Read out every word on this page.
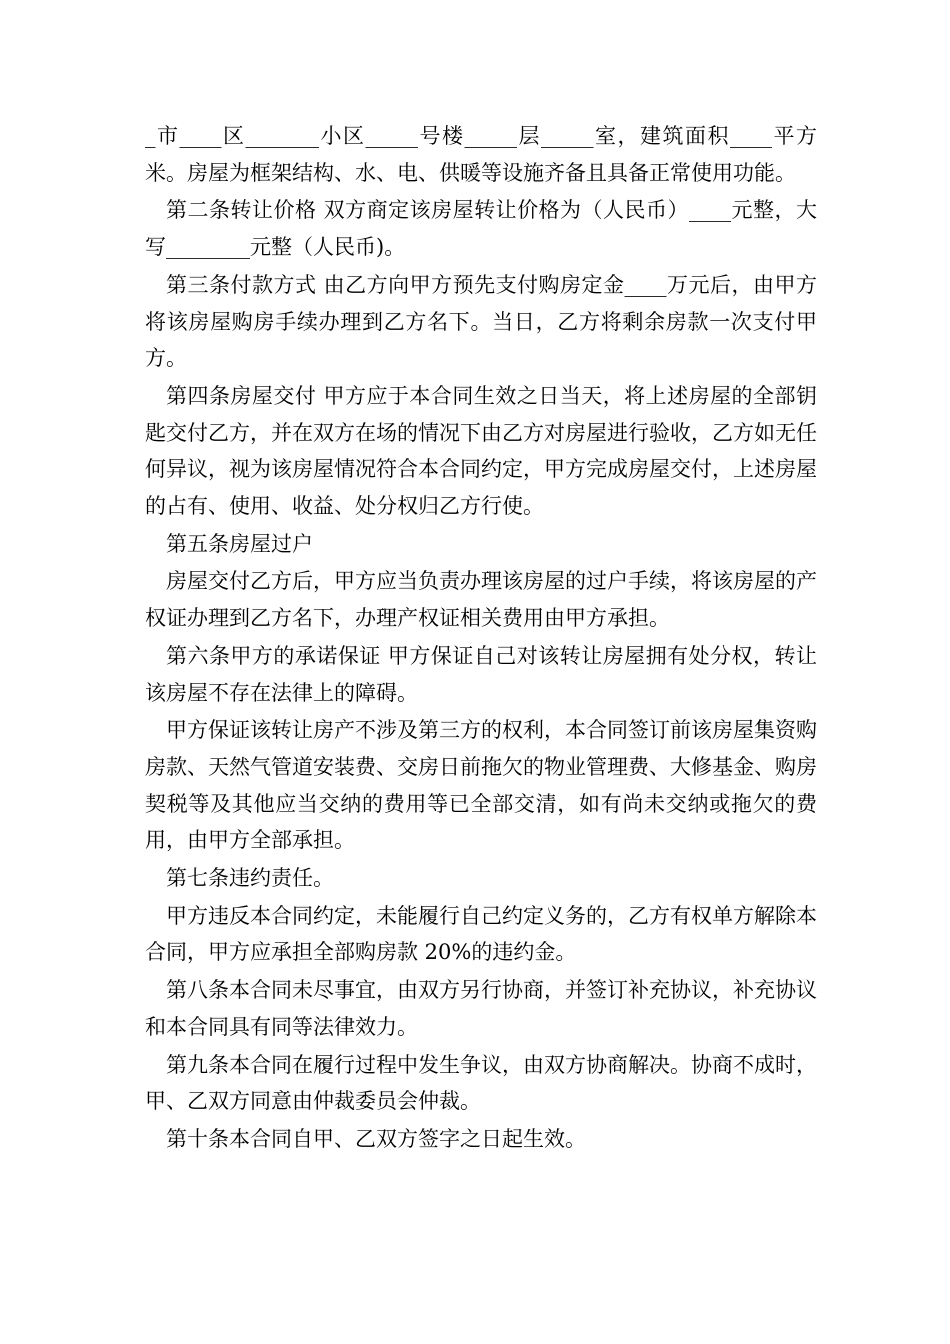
_市____区_______小区_____号楼_____层_____室，建筑面积____平方米。房屋为框架结构、水、电、供暖等设施齐备且具备正常使用功能。

第二条转让价格 双方商定该房屋转让价格为（人民币）____元整，大写________元整（人民币)。

第三条付款方式 由乙方向甲方预先支付购房定金____万元后，由甲方将该房屋购房手续办理到乙方名下。当日，乙方将剩余房款一次支付甲方。

第四条房屋交付 甲方应于本合同生效之日当天，将上述房屋的全部钥匙交付乙方，并在双方在场的情况下由乙方对房屋进行验收，乙方如无任何异议，视为该房屋情况符合本合同约定，甲方完成房屋交付，上述房屋的占有、使用、收益、处分权归乙方行使。

第五条房屋过户

房屋交付乙方后，甲方应当负责办理该房屋的过户手续，将该房屋的产权证办理到乙方名下，办理产权证相关费用由甲方承担。

第六条甲方的承诺保证 甲方保证自己对该转让房屋拥有处分权，转让该房屋不存在法律上的障碍。

甲方保证该转让房产不涉及第三方的权利，本合同签订前该房屋集资购房款、天然气管道安装费、交房日前拖欠的物业管理费、大修基金、购房契税等及其他应当交纳的费用等已全部交清，如有尚未交纳或拖欠的费用，由甲方全部承担。

第七条违约责任。

甲方违反本合同约定，未能履行自己约定义务的，乙方有权单方解除本合同，甲方应承担全部购房款 20%的违约金。

第八条本合同未尽事宜，由双方另行协商，并签订补充协议，补充协议和本合同具有同等法律效力。

第九条本合同在履行过程中发生争议，由双方协商解决。协商不成时，甲、乙双方同意由仲裁委员会仲裁。

第十条本合同自甲、乙双方签字之日起生效。
